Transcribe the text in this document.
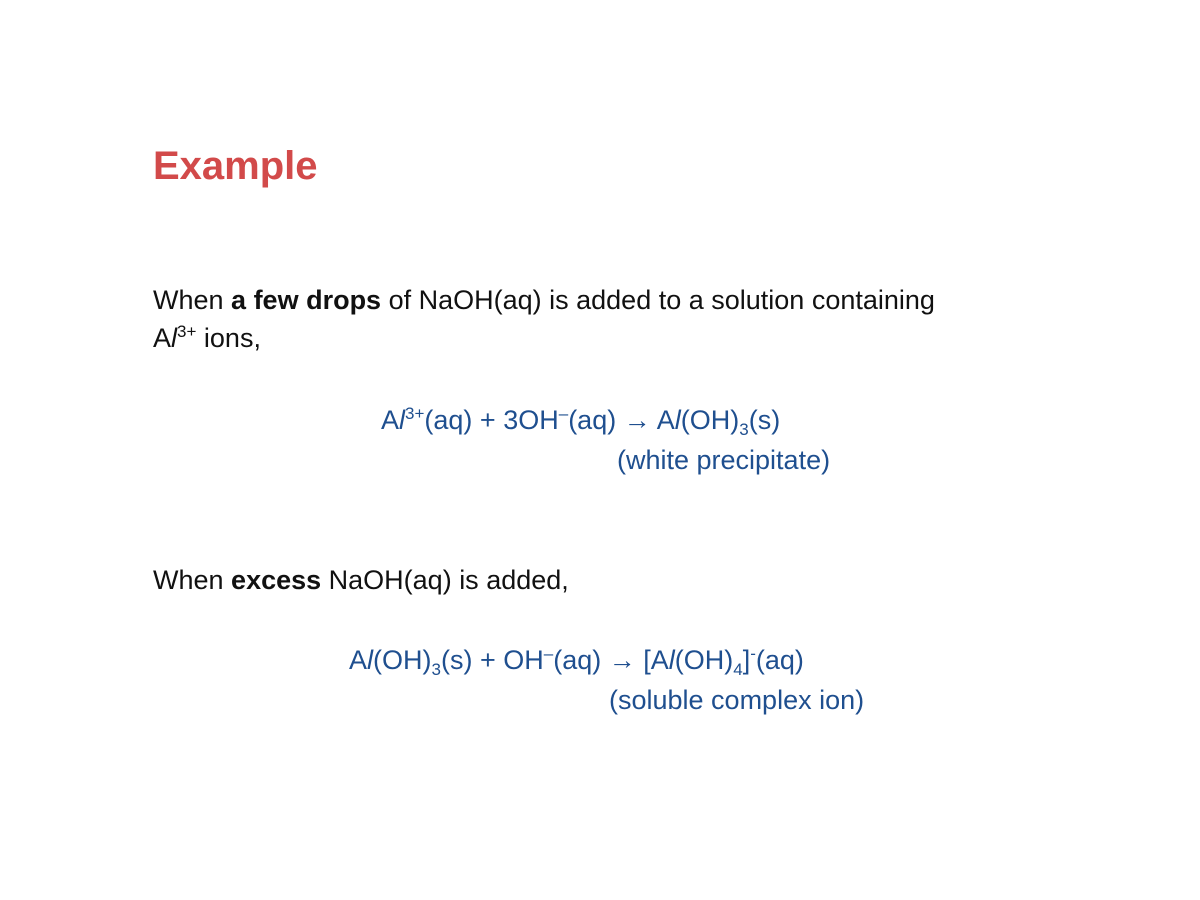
Example
When a few drops of NaOH(aq) is added to a solution containing
$Al^{3+}$ ions,
$Al^{3+}(aq) + 3OH^-(aq) \to Al(OH)_3(s)$
(white precipitate)
When excess NaOH(aq) is added,
$Al(OH)_3(s) + OH^-(aq) \to [Al(OH)_4]^-(aq)$
(soluble complex ion)
